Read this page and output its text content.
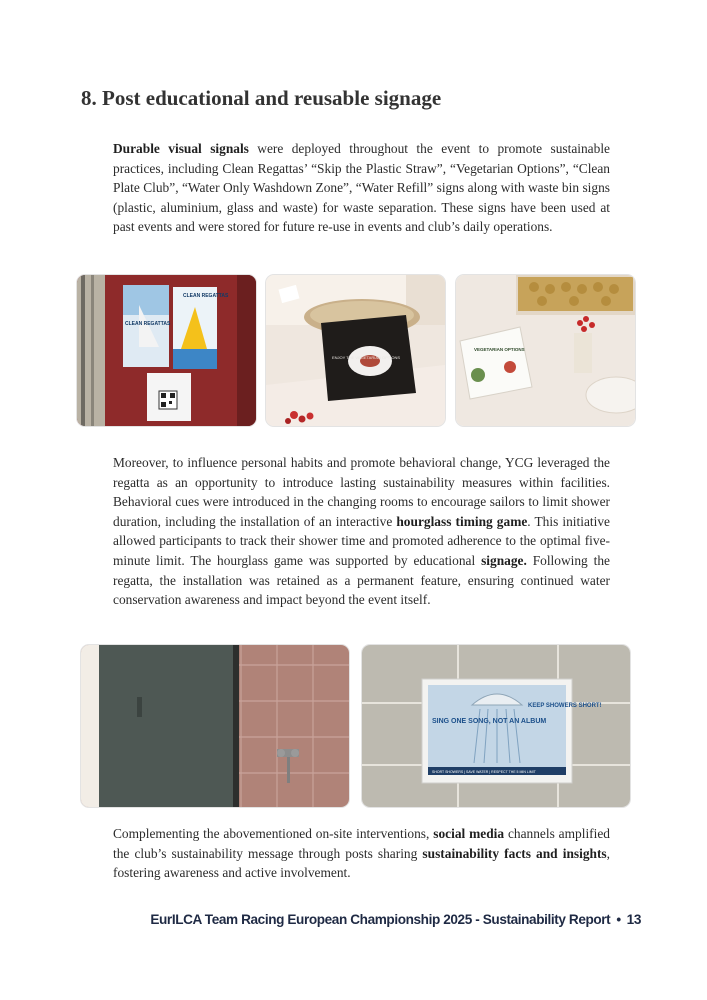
8. Post educational and reusable signage

Durable visual signals were deployed throughout the event to promote sustainable practices, including Clean Regattas’ “Skip the Plastic Straw”, “Vegetarian Options”, “Clean Plate Club”, “Water Only Washdown Zone”, “Water Refill” signs along with waste bin signs (plastic, aluminium, glass and waste) for waste separation. These signs have been used at past events and were stored for future re-use in events and club’s daily operations.

CLEAN REGATTAS
CLEAN REGATTAS
ENJOY THE VEGETARIAN OPTIONS
VEGETARIAN OPTIONS

Moreover, to influence personal habits and promote behavioral change, YCG leveraged the regatta as an opportunity to introduce lasting sustainability measures within facilities. Behavioral cues were introduced in the changing rooms to encourage sailors to limit shower duration, including the installation of an interactive hourglass timing game. This initiative allowed participants to track their shower time and promoted adherence to the optimal five-minute limit. The hourglass game was supported by educational signage. Following the regatta, the installation was retained as a permanent feature, ensuring continued water conservation awareness and impact beyond the event itself.

SING ONE SONG, NOT AN ALBUM
KEEP SHOWERS SHORT!
SHORT SHOWERS | SAVE WATER | RESPECT THE 5 MIN LIMIT

Complementing the abovementioned on-site interventions, social media channels amplified the club’s sustainability message through posts sharing sustainability facts and insights, fostering awareness and active involvement.

EurILCA Team Racing European Championship 2025 - Sustainability Report • 13
